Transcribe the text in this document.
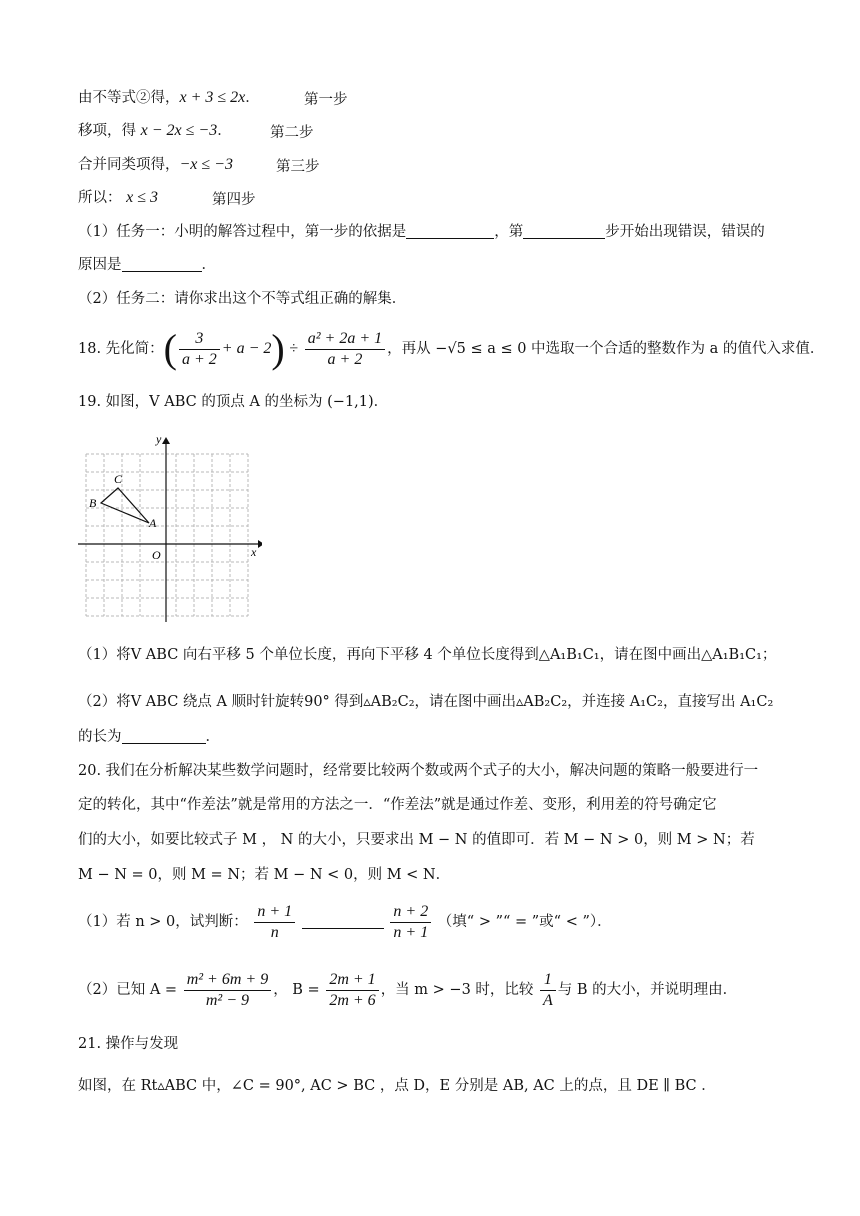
由不等式②得，x + 3 ≤ 2x．	第一步
移项，得 x − 2x ≤ −3．	第二步
合并同类项得，−x ≤ −3	第三步
所以： x ≤ 3	第四步
（1）任务一：小明的解答过程中，第一步的依据是	，第	步开始出现错误，错误的
原因是	．
（2）任务二：请你求出这个不等式组正确的解集．
18. 先化简：( $\frac{3}{a + 2} + a - 2) \div \frac{\text{a² + 2a + 1}}{a + 2}$ ，再从 −√5 ≤ a ≤ 0 中选取一个合适的整数作为 a 的值代入求值．
19. 如图，V ABC 的顶点 A 的坐标为 (−1,1)．
y
x
O
A
B
C
（1）将V ABC 向右平移 5 个单位长度，再向下平移 4 个单位长度得到△A₁B₁C₁，请在图中画出△A₁B₁C₁；
（2）将V ABC 绕点 A 顺时针旋转90° 得到▵AB₂C₂，请在图中画出▵AB₂C₂，并连接 A₁C₂，直接写出 A₁C₂
的长为	．
20. 我们在分析解决某些数学问题时，经常要比较两个数或两个式子的大小，解决问题的策略一般要进行一
定的转化，其中“作差法”就是常用的方法之一．“作差法”就是通过作差、变形，利用差的符号确定它
们的大小，如要比较式子 M ， N 的大小，只要求出 M − N 的值即可．若 M − N > 0，则 M > N；若
M − N = 0，则 M = N；若 M − N < 0，则 M < N．
（1）若 n > 0，试判断： $\frac{n + 1}{n}$
	$\frac{n + 2}{n + 1}$ （填“ > ”“ = ”或“ < ”）．
（2）已知 $A = \frac{\text{m² + 6m + 9}}{\text{m² − 9}}$ ， $B = \frac{2m + 1}{2m + 6}$ ，当 m > −3 时，比较 $\frac{1}{A}$ 与 B 的大小，并说明理由．
21. 操作与发现
如图，在 Rt▵ABC 中，∠C = 90°, AC > BC ，点 D，E 分别是 AB, AC 上的点，且 DE ∥ BC ．
